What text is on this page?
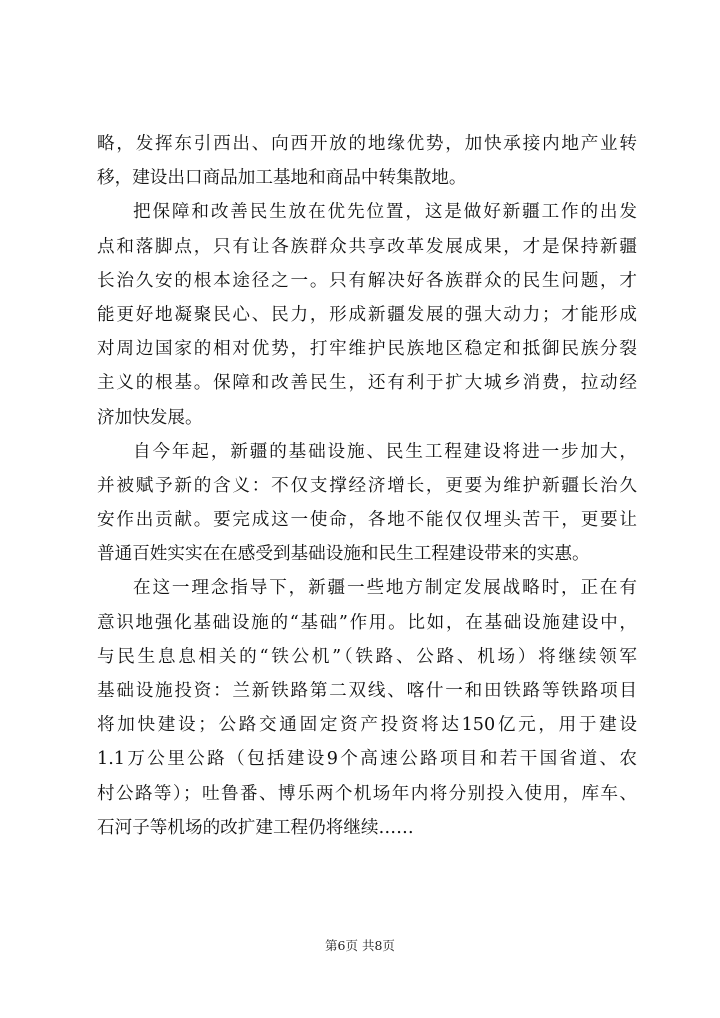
略，发挥东引西出、向西开放的地缘优势，加快承接内地产业转

移，建设出口商品加工基地和商品中转集散地。

把保障和改善民生放在优先位置，这是做好新疆工作的出发

点和落脚点，只有让各族群众共享改革发展成果，才是保持新疆

长治久安的根本途径之一。只有解决好各族群众的民生问题，才

能更好地凝聚民心、民力，形成新疆发展的强大动力；才能形成

对周边国家的相对优势，打牢维护民族地区稳定和抵御民族分裂

主义的根基。保障和改善民生，还有利于扩大城乡消费，拉动经

济加快发展。

自今年起，新疆的基础设施、民生工程建设将进一步加大，

并被赋予新的含义：不仅支撑经济增长，更要为维护新疆长治久

安作出贡献。要完成这一使命，各地不能仅仅埋头苦干，更要让

普通百姓实实在在感受到基础设施和民生工程建设带来的实惠。

在这一理念指导下，新疆一些地方制定发展战略时，正在有

意识地强化基础设施的“基础”作用。比如，在基础设施建设中，

与民生息息相关的“铁公机”（铁路、公路、机场）将继续领军

基础设施投资：兰新铁路第二双线、喀什一和田铁路等铁路项目

将加快建设；公路交通固定资产投资将达150亿元，用于建设

1.1万公里公路（包括建设9个高速公路项目和若干国省道、农

村公路等）；吐鲁番、博乐两个机场年内将分别投入使用，库车、

石河子等机场的改扩建工程仍将继续……

第6页 共8页
